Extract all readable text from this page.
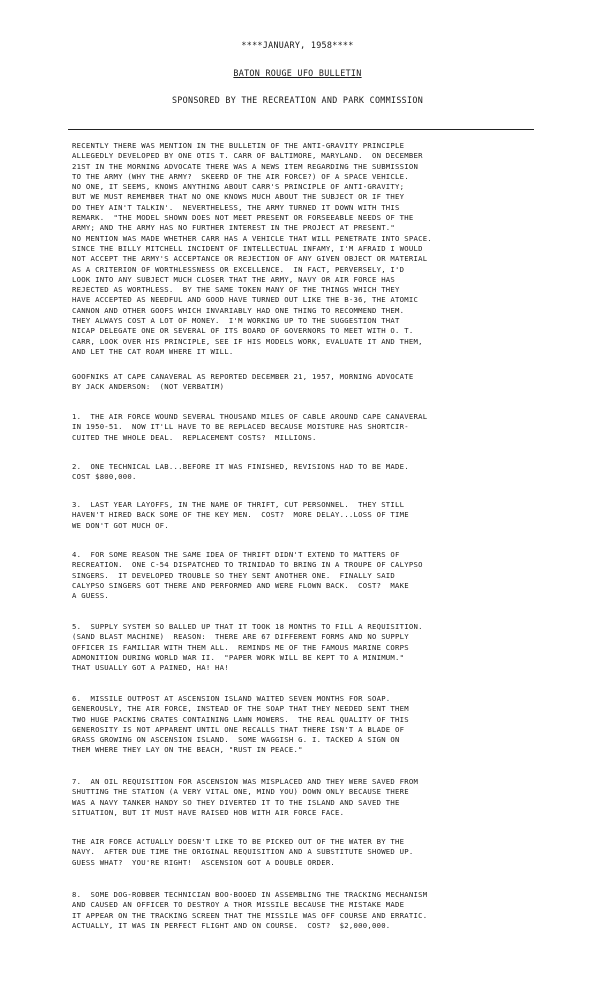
****JANUARY, 1958****
BATON ROUGE UFO BULLETIN
SPONSORED BY THE RECREATION AND PARK COMMISSION

RECENTLY THERE WAS MENTION IN THE BULLETIN OF THE ANTI-GRAVITY PRINCIPLE
ALLEGEDLY DEVELOPED BY ONE OTIS T. CARR OF BALTIMORE, MARYLAND.  ON DECEMBER
21ST IN THE MORNING ADVOCATE THERE WAS A NEWS ITEM REGARDING THE SUBMISSION
TO THE ARMY (WHY THE ARMY?  SKEERD OF THE AIR FORCE?) OF A SPACE VEHICLE.
NO ONE, IT SEEMS, KNOWS ANYTHING ABOUT CARR'S PRINCIPLE OF ANTI-GRAVITY;
BUT WE MUST REMEMBER THAT NO ONE KNOWS MUCH ABOUT THE SUBJECT OR IF THEY
DO THEY AIN'T TALKIN'.  NEVERTHELESS, THE ARMY TURNED IT DOWN WITH THIS
REMARK.  "THE MODEL SHOWN DOES NOT MEET PRESENT OR FORSEEABLE NEEDS OF THE
ARMY; AND THE ARMY HAS NO FURTHER INTEREST IN THE PROJECT AT PRESENT."
NO MENTION WAS MADE WHETHER CARR HAS A VEHICLE THAT WILL PENETRATE INTO SPACE.
SINCE THE BILLY MITCHELL INCIDENT OF INTELLECTUAL INFAMY, I'M AFRAID I WOULD
NOT ACCEPT THE ARMY'S ACCEPTANCE OR REJECTION OF ANY GIVEN OBJECT OR MATERIAL
AS A CRITERION OF WORTHLESSNESS OR EXCELLENCE.  IN FACT, PERVERSELY, I'D
LOOK INTO ANY SUBJECT MUCH CLOSER THAT THE ARMY, NAVY OR AIR FORCE HAS
REJECTED AS WORTHLESS.  BY THE SAME TOKEN MANY OF THE THINGS WHICH THEY
HAVE ACCEPTED AS NEEDFUL AND GOOD HAVE TURNED OUT LIKE THE B-36, THE ATOMIC
CANNON AND OTHER GOOFS WHICH INVARIABLY HAD ONE THING TO RECOMMEND THEM.
THEY ALWAYS COST A LOT OF MONEY.  I'M WORKING UP TO THE SUGGESTION THAT
NICAP DELEGATE ONE OR SEVERAL OF ITS BOARD OF GOVERNORS TO MEET WITH O. T.
CARR, LOOK OVER HIS PRINCIPLE, SEE IF HIS MODELS WORK, EVALUATE IT AND THEM,
AND LET THE CAT ROAM WHERE IT WILL.

GOOFNIKS AT CAPE CANAVERAL AS REPORTED DECEMBER 21, 1957, MORNING ADVOCATE
BY JACK ANDERSON:  (NOT VERBATIM)

1.  THE AIR FORCE WOUND SEVERAL THOUSAND MILES OF CABLE AROUND CAPE CANAVERAL
IN 1950-51.  NOW IT'LL HAVE TO BE REPLACED BECAUSE MOISTURE HAS SHORTCIR-
CUITED THE WHOLE DEAL.  REPLACEMENT COSTS?  MILLIONS.

2.  ONE TECHNICAL LAB...BEFORE IT WAS FINISHED, REVISIONS HAD TO BE MADE.
COST $800,000.

3.  LAST YEAR LAYOFFS, IN THE NAME OF THRIFT, CUT PERSONNEL.  THEY STILL
HAVEN'T HIRED BACK SOME OF THE KEY MEN.  COST?  MORE DELAY...LOSS OF TIME
WE DON'T GOT MUCH OF.

4.  FOR SOME REASON THE SAME IDEA OF THRIFT DIDN'T EXTEND TO MATTERS OF
RECREATION.  ONE C-54 DISPATCHED TO TRINIDAD TO BRING IN A TROUPE OF CALYPSO
SINGERS.  IT DEVELOPED TROUBLE SO THEY SENT ANOTHER ONE.  FINALLY SAID
CALYPSO SINGERS GOT THERE AND PERFORMED AND WERE FLOWN BACK.  COST?  MAKE
A GUESS.

5.  SUPPLY SYSTEM SO BALLED UP THAT IT TOOK 18 MONTHS TO FILL A REQUISITION.
(SAND BLAST MACHINE)  REASON:  THERE ARE 67 DIFFERENT FORMS AND NO SUPPLY
OFFICER IS FAMILIAR WITH THEM ALL.  REMINDS ME OF THE FAMOUS MARINE CORPS
ADMONITION DURING WORLD WAR II.  "PAPER WORK WILL BE KEPT TO A MINIMUM."
THAT USUALLY GOT A PAINED, HA! HA!

6.  MISSILE OUTPOST AT ASCENSION ISLAND WAITED SEVEN MONTHS FOR SOAP.
GENEROUSLY, THE AIR FORCE, INSTEAD OF THE SOAP THAT THEY NEEDED SENT THEM
TWO HUGE PACKING CRATES CONTAINING LAWN MOWERS.  THE REAL QUALITY OF THIS
GENEROSITY IS NOT APPARENT UNTIL ONE RECALLS THAT THERE ISN'T A BLADE OF
GRASS GROWING ON ASCENSION ISLAND.  SOME WAGGISH G. I. TACKED A SIGN ON
THEM WHERE THEY LAY ON THE BEACH, "RUST IN PEACE."

7.  AN OIL REQUISITION FOR ASCENSION WAS MISPLACED AND THEY WERE SAVED FROM
SHUTTING THE STATION (A VERY VITAL ONE, MIND YOU) DOWN ONLY BECAUSE THERE
WAS A NAVY TANKER HANDY SO THEY DIVERTED IT TO THE ISLAND AND SAVED THE
SITUATION, BUT IT MUST HAVE RAISED HOB WITH AIR FORCE FACE.

THE AIR FORCE ACTUALLY DOESN'T LIKE TO BE PICKED OUT OF THE WATER BY THE
NAVY.  AFTER DUE TIME THE ORIGINAL REQUISITION AND A SUBSTITUTE SHOWED UP.
GUESS WHAT?  YOU'RE RIGHT!  ASCENSION GOT A DOUBLE ORDER.

8.  SOME DOG-ROBBER TECHNICIAN BOO-BOOED IN ASSEMBLING THE TRACKING MECHANISM
AND CAUSED AN OFFICER TO DESTROY A THOR MISSILE BECAUSE THE MISTAKE MADE
IT APPEAR ON THE TRACKING SCREEN THAT THE MISSILE WAS OFF COURSE AND ERRATIC.
ACTUALLY, IT WAS IN PERFECT FLIGHT AND ON COURSE.  COST?  $2,000,000.
